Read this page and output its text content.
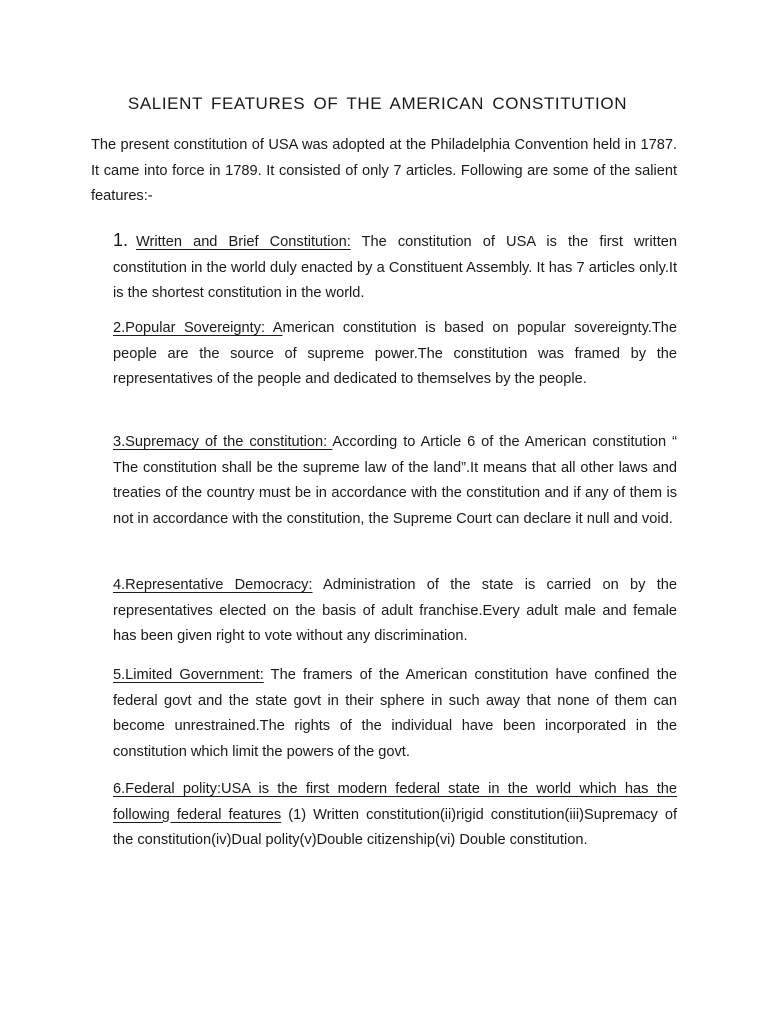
SALIENT FEATURES OF THE AMERICAN CONSTITUTION

The present constitution of USA was adopted at the Philadelphia Convention held in 1787. It came into force in 1789. It consisted of only 7 articles. Following are some of the salient features:-

1. Written and Brief Constitution: The constitution of USA is the first written constitution in the world duly enacted by a Constituent Assembly. It has 7 articles only.It is the shortest constitution in the world.

2.Popular Sovereignty: American constitution is based on popular sovereignty.The people are the source of supreme power.The constitution was framed by the representatives of the people and dedicated to themselves by the people.

3.Supremacy of the constitution: According to Article 6 of the American constitution “ The constitution shall be the supreme law of the land”.It means that all other laws and treaties of the country must be in accordance with the constitution and if any of them is not in accordance with the constitution, the Supreme Court can declare it null and void.

4.Representative Democracy: Administration of the state is carried on by the representatives elected on the basis of adult franchise.Every adult male and female has been given right to vote without any discrimination.

5.Limited Government: The framers of the American constitution have confined the federal govt and the state govt in their sphere in such away that none of them can become unrestrained.The rights of the individual have been incorporated in the constitution which limit the powers of the govt.

6.Federal polity:USA is the first modern federal state in the world which has the following federal features (1) Written constitution(ii)rigid constitution(iii)Supremacy of the constitution(iv)Dual polity(v)Double citizenship(vi) Double constitution.
